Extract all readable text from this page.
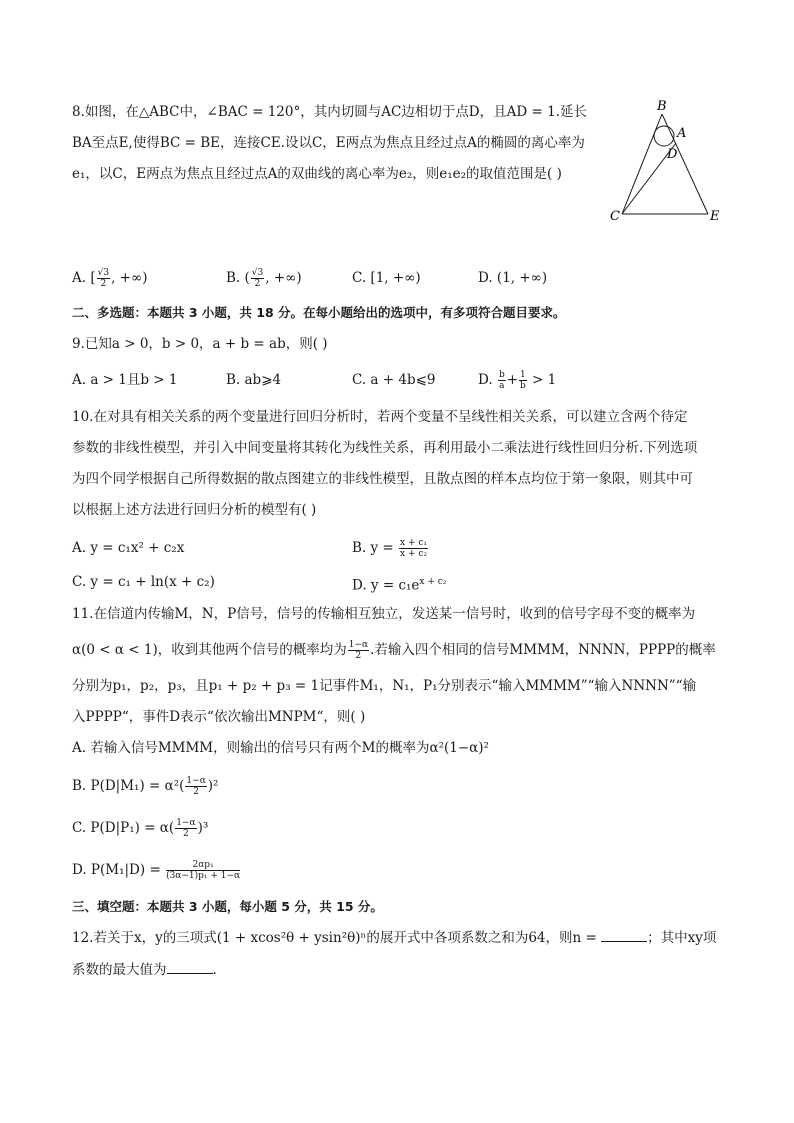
8.如图，在△ABC中，∠BAC = 120°，其内切圆与AC边相切于点D，且AD = 1.延长
BA至点E,使得BC = BE，连接CE.设以C，E两点为焦点且经过点A的椭圆的离心率为
e₁，以C，E两点为焦点且经过点A的双曲线的离心率为e₂，则e₁e₂的取值范围是( )
B
A
D
C	E
A. [ $\frac{√3}{2}$ , +∞)	B. ( $\frac{√3}{2}$ , +∞)	C. [1, +∞)	D. (1, +∞)
二、多选题：本题共 3 小题，共 18 分。在每小题给出的选项中，有多项符合题目要求。
9.已知a > 0，b > 0，a + b = ab，则( )
A. a > 1且b > 1	B. ab⩾4	C. a + 4b⩽9	D. $\frac{b}{a} + \frac{1}{b} > 1$
10.在对具有相关关系的两个变量进行回归分析时，若两个变量不呈线性相关关系，可以建立含两个待定
参数的非线性模型，并引入中间变量将其转化为线性关系，再利用最小二乘法进行线性回归分析.下列选项
为四个同学根据自己所得数据的散点图建立的非线性模型，且散点图的样本点均位于第一象限，则其中可
以根据上述方法进行回归分析的模型有( )
A. y = c₁x² + c₂x	B. $y = \frac{\text{x + c₁}}{\text{x + c₂}}$
C. y = c₁ + ln(x + c₂)	D. $y = c_1e^{x + c_2}$
11.在信道内传输M，N，P信号，信号的传输相互独立，发送某一信号时，收到的信号字母不变的概率为
α(0 < α < 1)，收到其他两个信号的概率均为 $\frac{1-\alpha}{2}$ .若输入四个相同的信号MMMM，NNNN，PPPP的概率
分别为p₁，p₂，p₃，且p₁ + p₂ + p₃ = 1记事件M₁，N₁，P₁分别表示“输入MMMM”“输入NNNN”“输
入PPPP“，事件D表示“依次输出MNPM“，则( )
A. 若输入信号MMMM，则输出的信号只有两个M的概率为α²(1−α)²
B. $P(D|M_1) = \alpha^2( \frac{1-\alpha}{2} )^2$
C. $P(D|P_1) = \alpha( \frac{1-\alpha}{2} )^3$
D. $P(M_1|D) = \frac{\text{2αp₁}}{\text{(3α−1)p₁ + 1−α}}$
三、填空题：本题共 3 小题，每小题 5 分，共 15 分。
12.若关于x，y的三项式(1 + xcos²θ + ysin²θ)ⁿ的展开式中各项系数之和为64，则n =	；其中xy项
系数的最大值为	.
